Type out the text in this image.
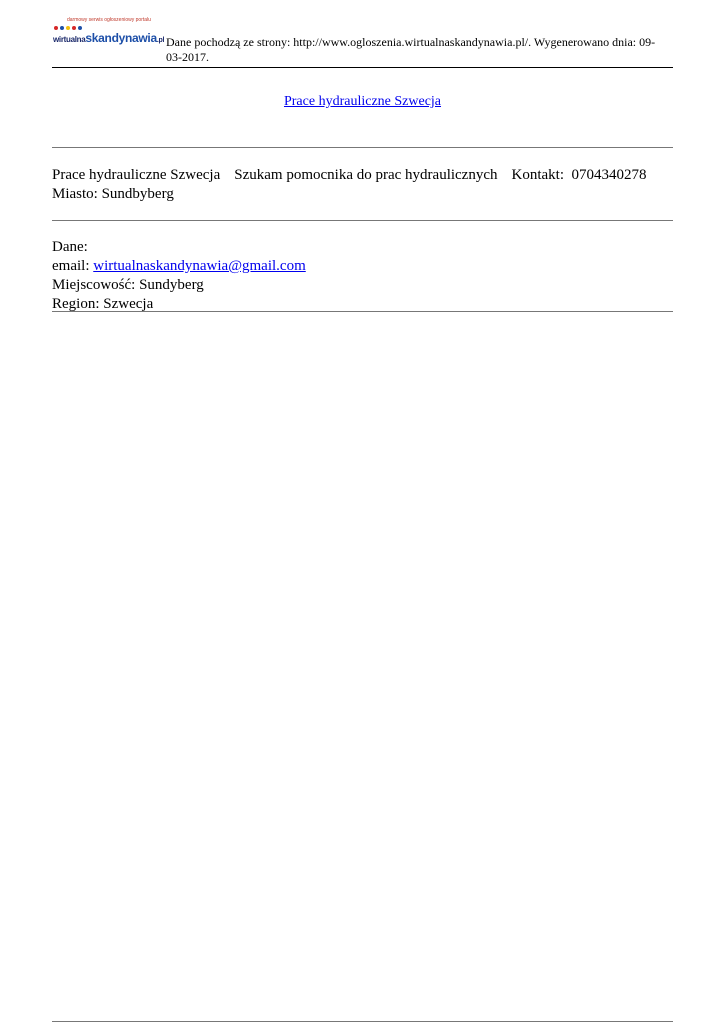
darmowy serwis ogłoszeniowy portalu
wirtualnaskandynawia.pl Dane pochodzą ze strony: http://www.ogloszenia.wirtualnaskandynawia.pl/. Wygenerowano dnia: 09-03-2017.
Prace hydrauliczne Szwecja
Prace hydrauliczne Szwecja Szukam pomocnika do prac hydraulicznych Kontakt: 0704340278
Miasto: Sundbyberg
Dane:
email: wirtualnaskandynawia@gmail.com
Miejscowość: Sundyberg
Region: Szwecja
